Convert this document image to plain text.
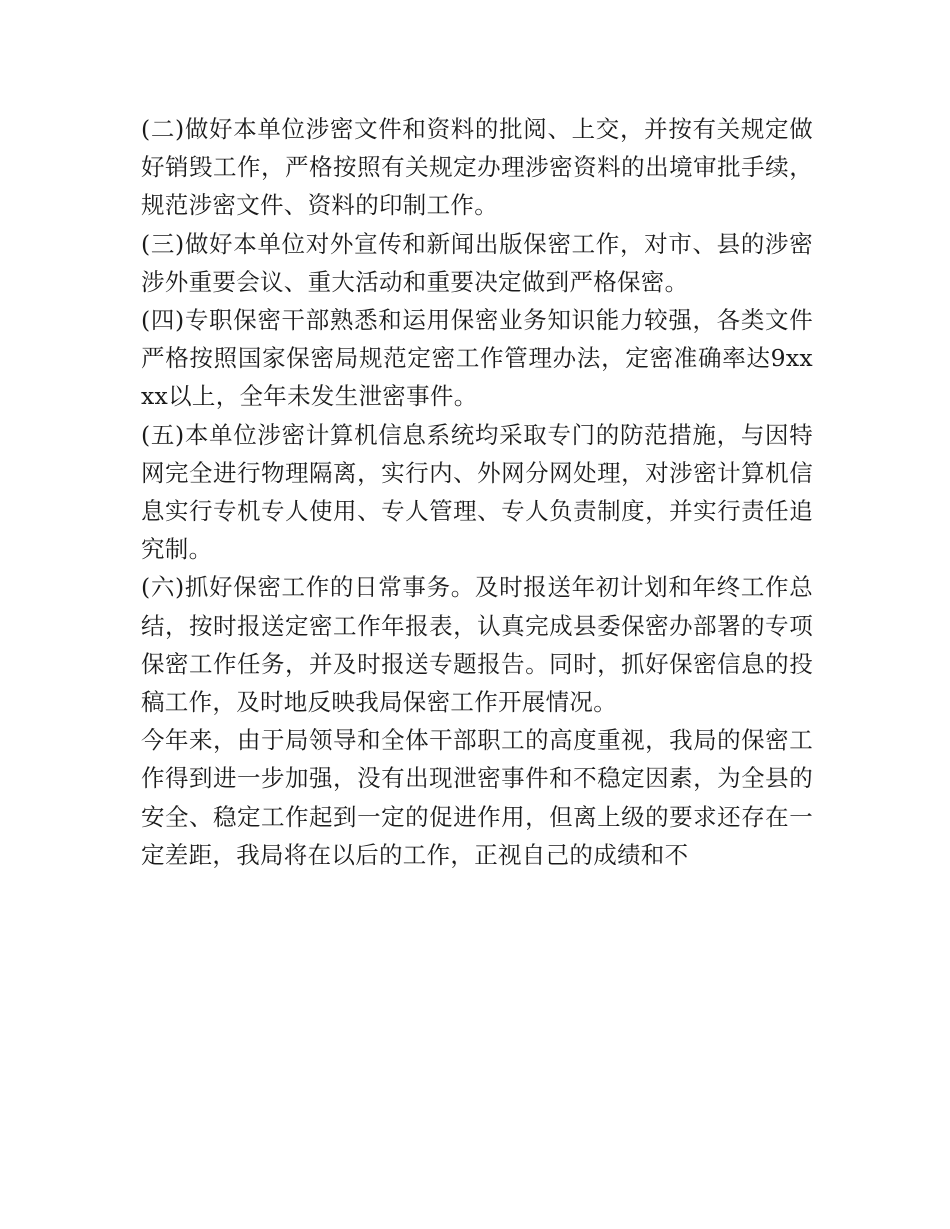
(二)做好本单位涉密文件和资料的批阅、上交，并按有关规定做好销毁工作，严格按照有关规定办理涉密资料的出境审批手续，规范涉密文件、资料的印制工作。

(三)做好本单位对外宣传和新闻出版保密工作，对市、县的涉密涉外重要会议、重大活动和重要决定做到严格保密。

(四)专职保密干部熟悉和运用保密业务知识能力较强，各类文件严格按照国家保密局规范定密工作管理办法，定密准确率达9xxxx以上，全年未发生泄密事件。

(五)本单位涉密计算机信息系统均采取专门的防范措施，与因特网完全进行物理隔离，实行内、外网分网处理，对涉密计算机信息实行专机专人使用、专人管理、专人负责制度，并实行责任追究制。

(六)抓好保密工作的日常事务。及时报送年初计划和年终工作总结，按时报送定密工作年报表，认真完成县委保密办部署的专项保密工作任务，并及时报送专题报告。同时，抓好保密信息的投稿工作，及时地反映我局保密工作开展情况。

今年来，由于局领导和全体干部职工的高度重视，我局的保密工作得到进一步加强，没有出现泄密事件和不稳定因素，为全县的安全、稳定工作起到一定的促进作用，但离上级的要求还存在一定差距，我局将在以后的工作，正视自己的成绩和不
